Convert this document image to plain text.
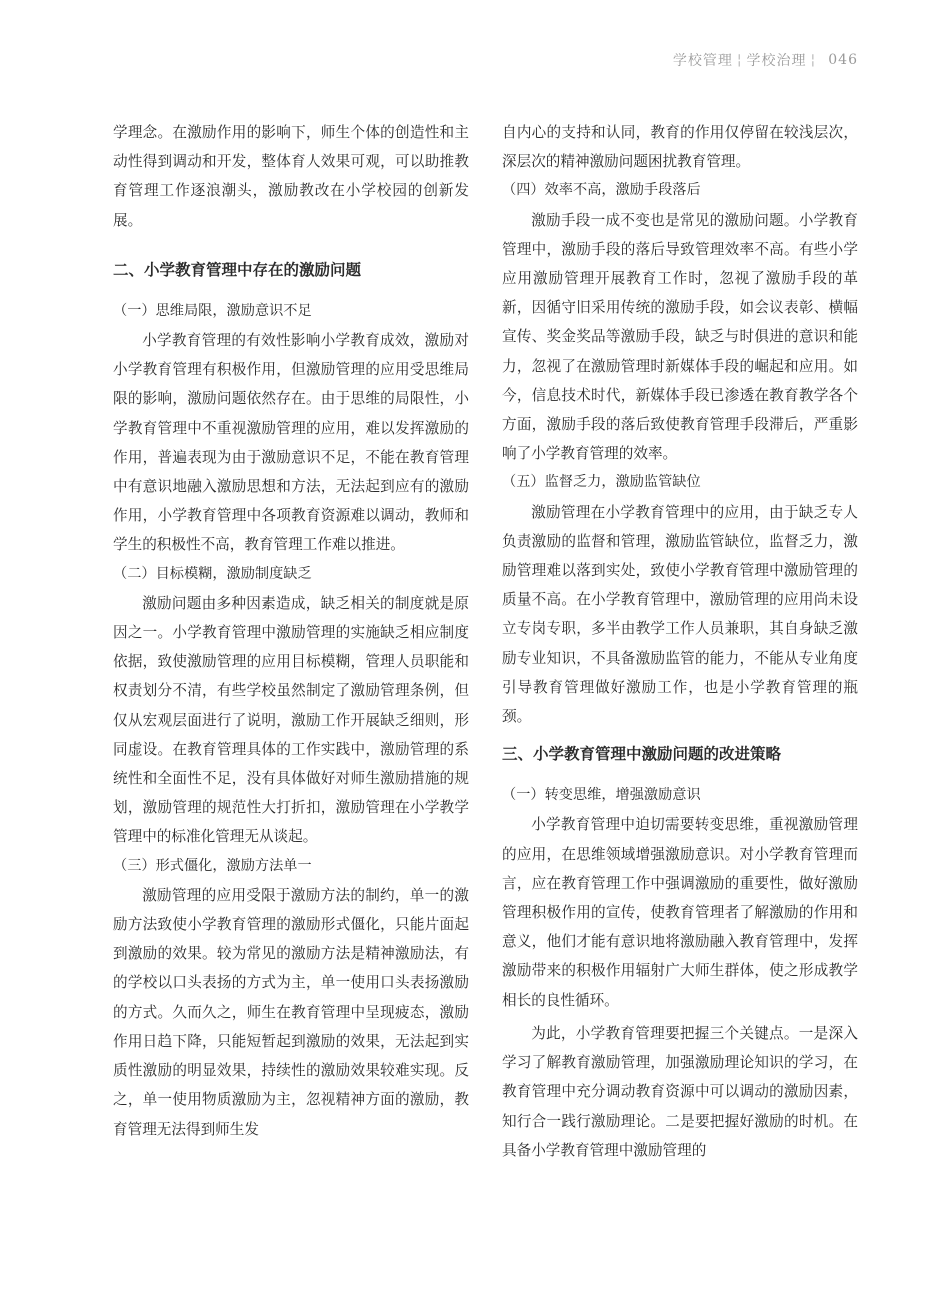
学校管理 ¦ 学校治理 ¦ 046

学理念。在激励作用的影响下，师生个体的创造性和主动性得到调动和开发，整体育人效果可观，可以助推教育管理工作逐浪潮头，激励教改在小学校园的创新发展。

二、小学教育管理中存在的激励问题

（一）思维局限，激励意识不足

小学教育管理的有效性影响小学教育成效，激励对小学教育管理有积极作用，但激励管理的应用受思维局限的影响，激励问题依然存在。由于思维的局限性，小学教育管理中不重视激励管理的应用，难以发挥激励的作用，普遍表现为由于激励意识不足，不能在教育管理中有意识地融入激励思想和方法，无法起到应有的激励作用，小学教育管理中各项教育资源难以调动，教师和学生的积极性不高，教育管理工作难以推进。

（二）目标模糊，激励制度缺乏

激励问题由多种因素造成，缺乏相关的制度就是原因之一。小学教育管理中激励管理的实施缺乏相应制度依据，致使激励管理的应用目标模糊，管理人员职能和权责划分不清，有些学校虽然制定了激励管理条例，但仅从宏观层面进行了说明，激励工作开展缺乏细则，形同虚设。在教育管理具体的工作实践中，激励管理的系统性和全面性不足，没有具体做好对师生激励措施的规划，激励管理的规范性大打折扣，激励管理在小学教学管理中的标准化管理无从谈起。

（三）形式僵化，激励方法单一

激励管理的应用受限于激励方法的制约，单一的激励方法致使小学教育管理的激励形式僵化，只能片面起到激励的效果。较为常见的激励方法是精神激励法，有的学校以口头表扬的方式为主，单一使用口头表扬激励的方式。久而久之，师生在教育管理中呈现疲态，激励作用日趋下降，只能短暂起到激励的效果，无法起到实质性激励的明显效果，持续性的激励效果较难实现。反之，单一使用物质激励为主，忽视精神方面的激励，教育管理无法得到师生发

自内心的支持和认同，教育的作用仅停留在较浅层次，深层次的精神激励问题困扰教育管理。

（四）效率不高，激励手段落后

激励手段一成不变也是常见的激励问题。小学教育管理中，激励手段的落后导致管理效率不高。有些小学应用激励管理开展教育工作时，忽视了激励手段的革新，因循守旧采用传统的激励手段，如会议表彰、横幅宣传、奖金奖品等激励手段，缺乏与时俱进的意识和能力，忽视了在激励管理时新媒体手段的崛起和应用。如今，信息技术时代，新媒体手段已渗透在教育教学各个方面，激励手段的落后致使教育管理手段滞后，严重影响了小学教育管理的效率。

（五）监督乏力，激励监管缺位

激励管理在小学教育管理中的应用，由于缺乏专人负责激励的监督和管理，激励监管缺位，监督乏力，激励管理难以落到实处，致使小学教育管理中激励管理的质量不高。在小学教育管理中，激励管理的应用尚未设立专岗专职，多半由教学工作人员兼职，其自身缺乏激励专业知识，不具备激励监管的能力，不能从专业角度引导教育管理做好激励工作，也是小学教育管理的瓶颈。

三、小学教育管理中激励问题的改进策略

（一）转变思维，增强激励意识

小学教育管理中迫切需要转变思维，重视激励管理的应用，在思维领域增强激励意识。对小学教育管理而言，应在教育管理工作中强调激励的重要性，做好激励管理积极作用的宣传，使教育管理者了解激励的作用和意义，他们才能有意识地将激励融入教育管理中，发挥激励带来的积极作用辐射广大师生群体，使之形成教学相长的良性循环。

为此，小学教育管理要把握三个关键点。一是深入学习了解教育激励管理，加强激励理论知识的学习，在教育管理中充分调动教育资源中可以调动的激励因素，知行合一践行激励理论。二是要把握好激励的时机。在具备小学教育管理中激励管理的
